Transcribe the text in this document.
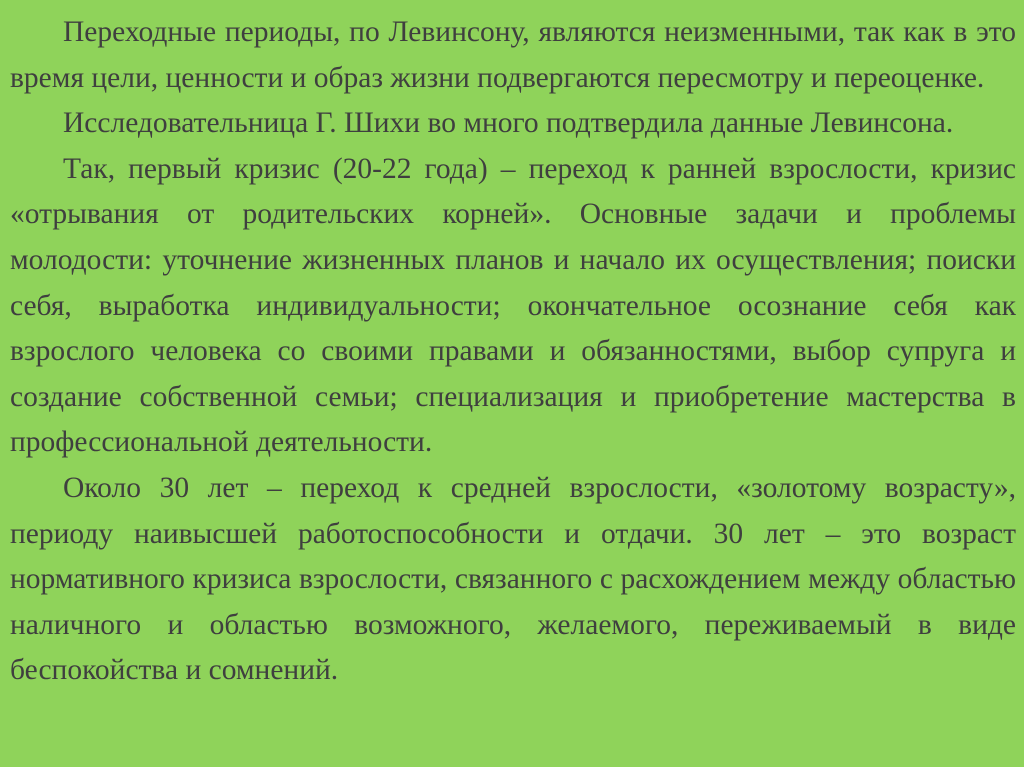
Переходные периоды, по Левинсону, являются неизменными, так как в это время цели, ценности и образ жизни подвергаются пересмотру и переоценке.

Исследовательница Г. Шихи во много подтвердила данные Левинсона.

Так, первый кризис (20-22 года) – переход к ранней взрослости, кризис «отрывания от родительских корней». Основные задачи и проблемы молодости: уточнение жизненных планов и начало их осуществления; поиски себя, выработка индивидуальности; окончательное осознание себя как взрослого человека со своими правами и обязанностями, выбор супруга и создание собственной семьи; специализация и приобретение мастерства в профессиональной деятельности.

Около 30 лет – переход к средней взрослости, «золотому возрасту», периоду наивысшей работоспособности и отдачи. 30 лет – это возраст нормативного кризиса взрослости, связанного с расхождением между областью наличного и областью возможного, желаемого, переживаемый в виде беспокойства и сомнений.
